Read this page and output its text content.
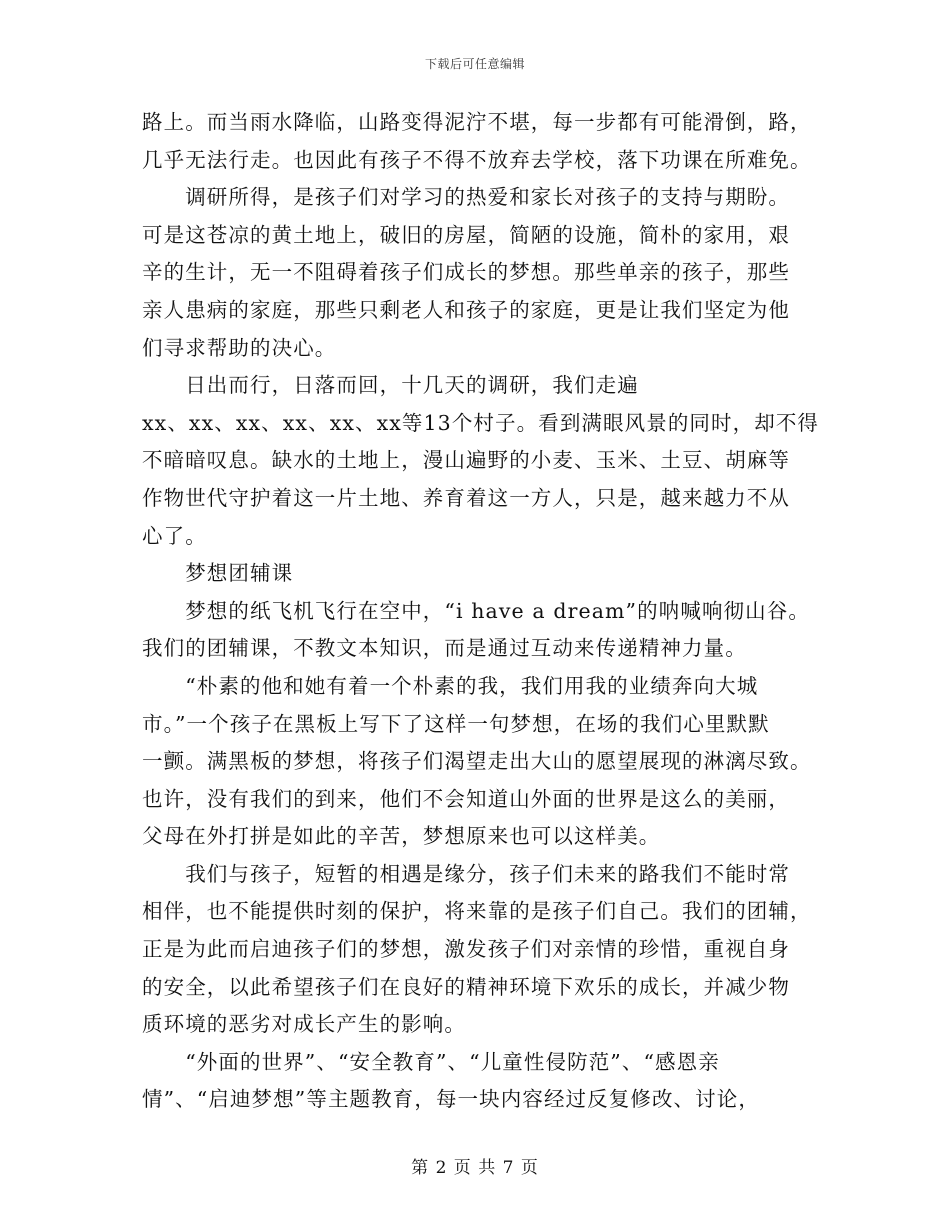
下载后可任意编辑
路上。而当雨水降临，山路变得泥泞不堪，每一步都有可能滑倒，路，
几乎无法行走。也因此有孩子不得不放弃去学校，落下功课在所难免。
　　调研所得，是孩子们对学习的热爱和家长对孩子的支持与期盼。
可是这苍凉的黄土地上，破旧的房屋，简陋的设施，简朴的家用，艰
辛的生计，无一不阻碍着孩子们成长的梦想。那些单亲的孩子，那些
亲人患病的家庭，那些只剩老人和孩子的家庭，更是让我们坚定为他
们寻求帮助的决心。
　　日出而行，日落而回，十几天的调研，我们走遍
xx、xx、xx、xx、xx、xx等13个村子。看到满眼风景的同时，却不得
不暗暗叹息。缺水的土地上，漫山遍野的小麦、玉米、土豆、胡麻等
作物世代守护着这一片土地、养育着这一方人，只是，越来越力不从
心了。
　　梦想团辅课
　　梦想的纸飞机飞行在空中，“i have a dream”的呐喊响彻山谷。
我们的团辅课，不教文本知识，而是通过互动来传递精神力量。
　　“朴素的他和她有着一个朴素的我，我们用我的业绩奔向大城
市。”一个孩子在黑板上写下了这样一句梦想，在场的我们心里默默
一颤。满黑板的梦想，将孩子们渴望走出大山的愿望展现的淋漓尽致。
也许，没有我们的到来，他们不会知道山外面的世界是这么的美丽，
父母在外打拼是如此的辛苦，梦想原来也可以这样美。
　　我们与孩子，短暂的相遇是缘分，孩子们未来的路我们不能时常
相伴，也不能提供时刻的保护，将来靠的是孩子们自己。我们的团辅，
正是为此而启迪孩子们的梦想，激发孩子们对亲情的珍惜，重视自身
的安全，以此希望孩子们在良好的精神环境下欢乐的成长，并减少物
质环境的恶劣对成长产生的影响。
　　“外面的世界”、“安全教育”、“儿童性侵防范”、“感恩亲
情”、“启迪梦想”等主题教育，每一块内容经过反复修改、讨论，
第 2 页 共 7 页
